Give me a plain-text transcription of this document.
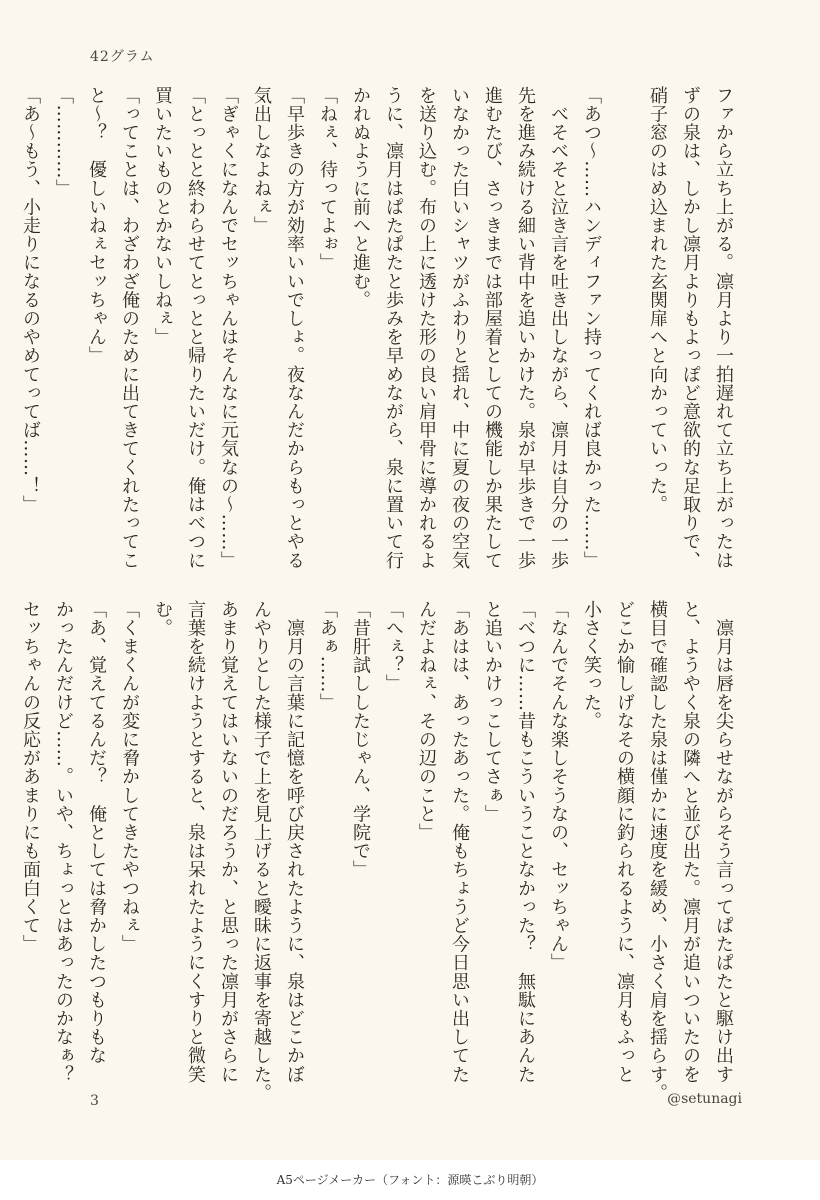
42グラム

ファから立ち上がる。凛月より一拍遅れて立ち上がったは

ずの泉は、しかし凛月よりもよっぽど意欲的な足取りで、

硝子窓のはめ込まれた玄関扉へと向かっていった。

「あつ～……ハンディファン持ってくれば良かった……」

　べそべそと泣き言を吐き出しながら、凛月は自分の一歩

先を進み続ける細い背中を追いかけた。泉が早歩きで一歩

進むたび、さっきまでは部屋着としての機能しか果たして

いなかった白いシャツがふわりと揺れ、中に夏の夜の空気

を送り込む。布の上に透けた形の良い肩甲骨に導かれるよ

うに、凛月はぱたぱたと歩みを早めながら、泉に置いて行

かれぬように前へと進む。

「ねぇ、待ってよぉ」

「早歩きの方が効率いいでしょ。夜なんだからもっとやる

気出しなよねぇ」

「ぎゃくになんでセッちゃんはそんなに元気なの～……」

「とっとと終わらせてとっとと帰りたいだけ。俺はべつに

買いたいものとかないしねぇ」

「ってことは、わざわざ俺のために出てきてくれたってこ

と～？　優しいねぇセッちゃん」

「…………」

「あ～もう、小走りになるのやめてってば……！」

　凛月は唇を尖らせながらそう言ってぱたぱたと駆け出す

と、ようやく泉の隣へと並び出た。凛月が追いついたのを

横目で確認した泉は僅かに速度を緩め、小さく肩を揺らす。

どこか愉しげなその横顔に釣られるように、凛月もふっと

小さく笑った。

「なんでそんな楽しそうなの、セッちゃん」

「べつに……昔もこういうことなかった？　無駄にあんた

と追いかけっこしてさぁ」

「あはは、あったあった。俺もちょうど今日思い出してた

んだよねぇ、その辺のこと」

「へぇ？」

「昔肝試ししたじゃん、学院で」

「あぁ……」

　凛月の言葉に記憶を呼び戻されたように、泉はどこかぼ

んやりとした様子で上を見上げると曖昧に返事を寄越した。

あまり覚えてはいないのだろうか、と思った凛月がさらに

言葉を続けようとすると、泉は呆れたようにくすりと微笑

む。

「くまくんが変に脅かしてきたやつねぇ」

「あ、覚えてるんだ？　俺としては脅かしたつもりもな

かったんだけど……。いや、ちょっとはあったのかなぁ？

セッちゃんの反応があまりにも面白くて」

3	@setunagi
A5ページメーカー（フォント：源暎こぶり明朝）
